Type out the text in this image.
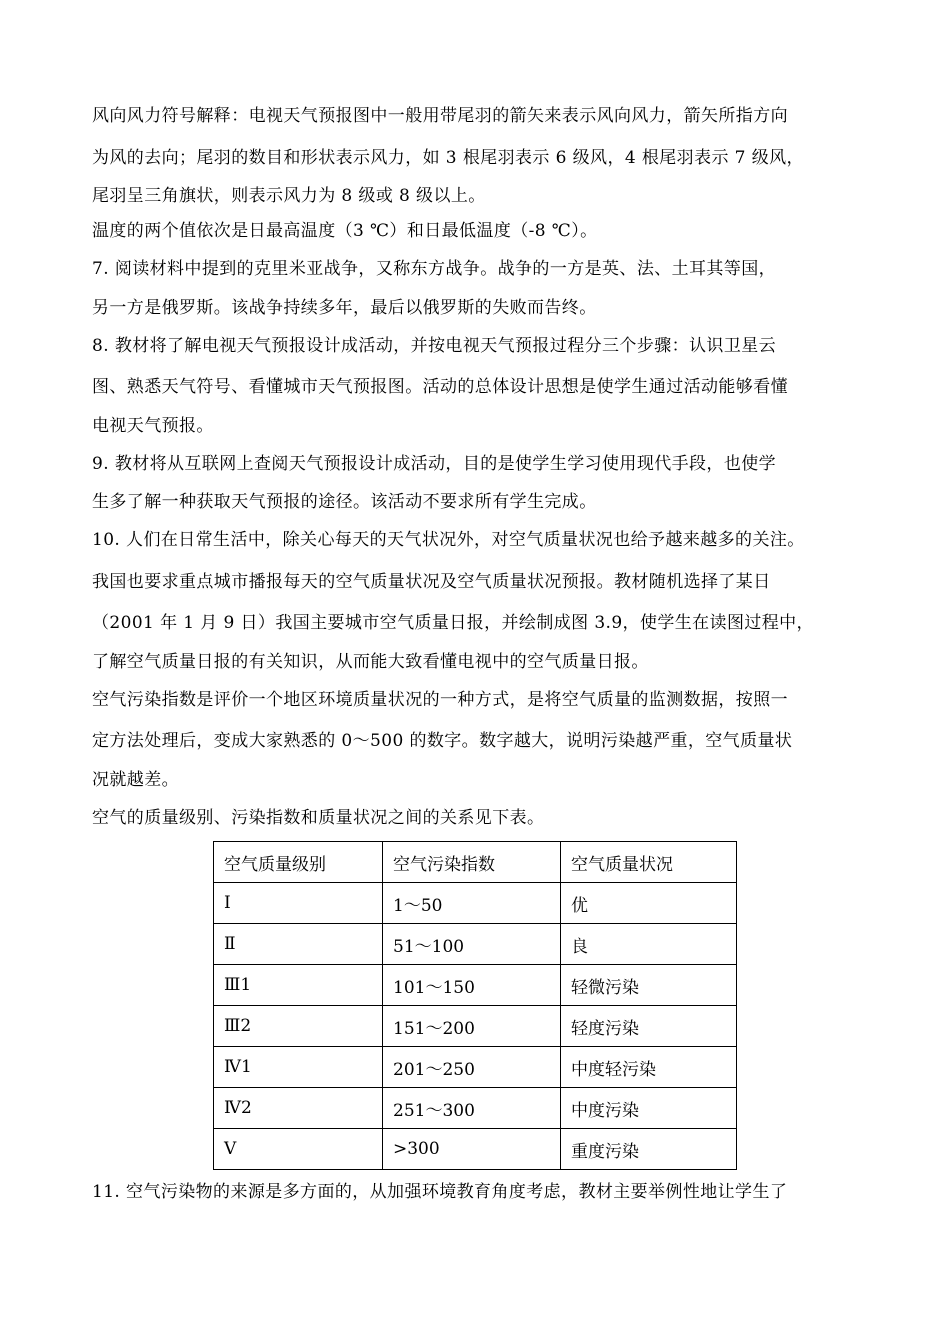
风向风力符号解释：电视天气预报图中一般用带尾羽的箭矢来表示风向风力，箭矢所指方向
为风的去向；尾羽的数目和形状表示风力，如 3 根尾羽表示 6 级风，4 根尾羽表示 7 级风，
尾羽呈三角旗状，则表示风力为 8 级或 8 级以上。
温度的两个值依次是日最高温度（3 ℃）和日最低温度（-8 ℃）。
7. 阅读材料中提到的克里米亚战争，又称东方战争。战争的一方是英、法、土耳其等国，
另一方是俄罗斯。该战争持续多年，最后以俄罗斯的失败而告终。
8. 教材将了解电视天气预报设计成活动，并按电视天气预报过程分三个步骤：认识卫星云
图、熟悉天气符号、看懂城市天气预报图。活动的总体设计思想是使学生通过活动能够看懂
电视天气预报。
9. 教材将从互联网上查阅天气预报设计成活动，目的是使学生学习使用现代手段，也使学
生多了解一种获取天气预报的途径。该活动不要求所有学生完成。
10. 人们在日常生活中，除关心每天的天气状况外，对空气质量状况也给予越来越多的关注。
我国也要求重点城市播报每天的空气质量状况及空气质量状况预报。教材随机选择了某日
（2001 年 1 月 9 日）我国主要城市空气质量日报，并绘制成图 3.9，使学生在读图过程中，
了解空气质量日报的有关知识，从而能大致看懂电视中的空气质量日报。
空气污染指数是评价一个地区环境质量状况的一种方式，是将空气质量的监测数据，按照一
定方法处理后，变成大家熟悉的 0～500 的数字。数字越大，说明污染越严重，空气质量状
况就越差。
空气的质量级别、污染指数和质量状况之间的关系见下表。
空气质量级别	空气污染指数	空气质量状况
Ⅰ	1～50	优
Ⅱ	51～100	良
Ⅲ1	101～150	轻微污染
Ⅲ2	151～200	轻度污染
Ⅳ1	201～250	中度轻污染
Ⅳ2	251～300	中度污染
Ⅴ	>300	重度污染
11. 空气污染物的来源是多方面的，从加强环境教育角度考虑，教材主要举例性地让学生了
